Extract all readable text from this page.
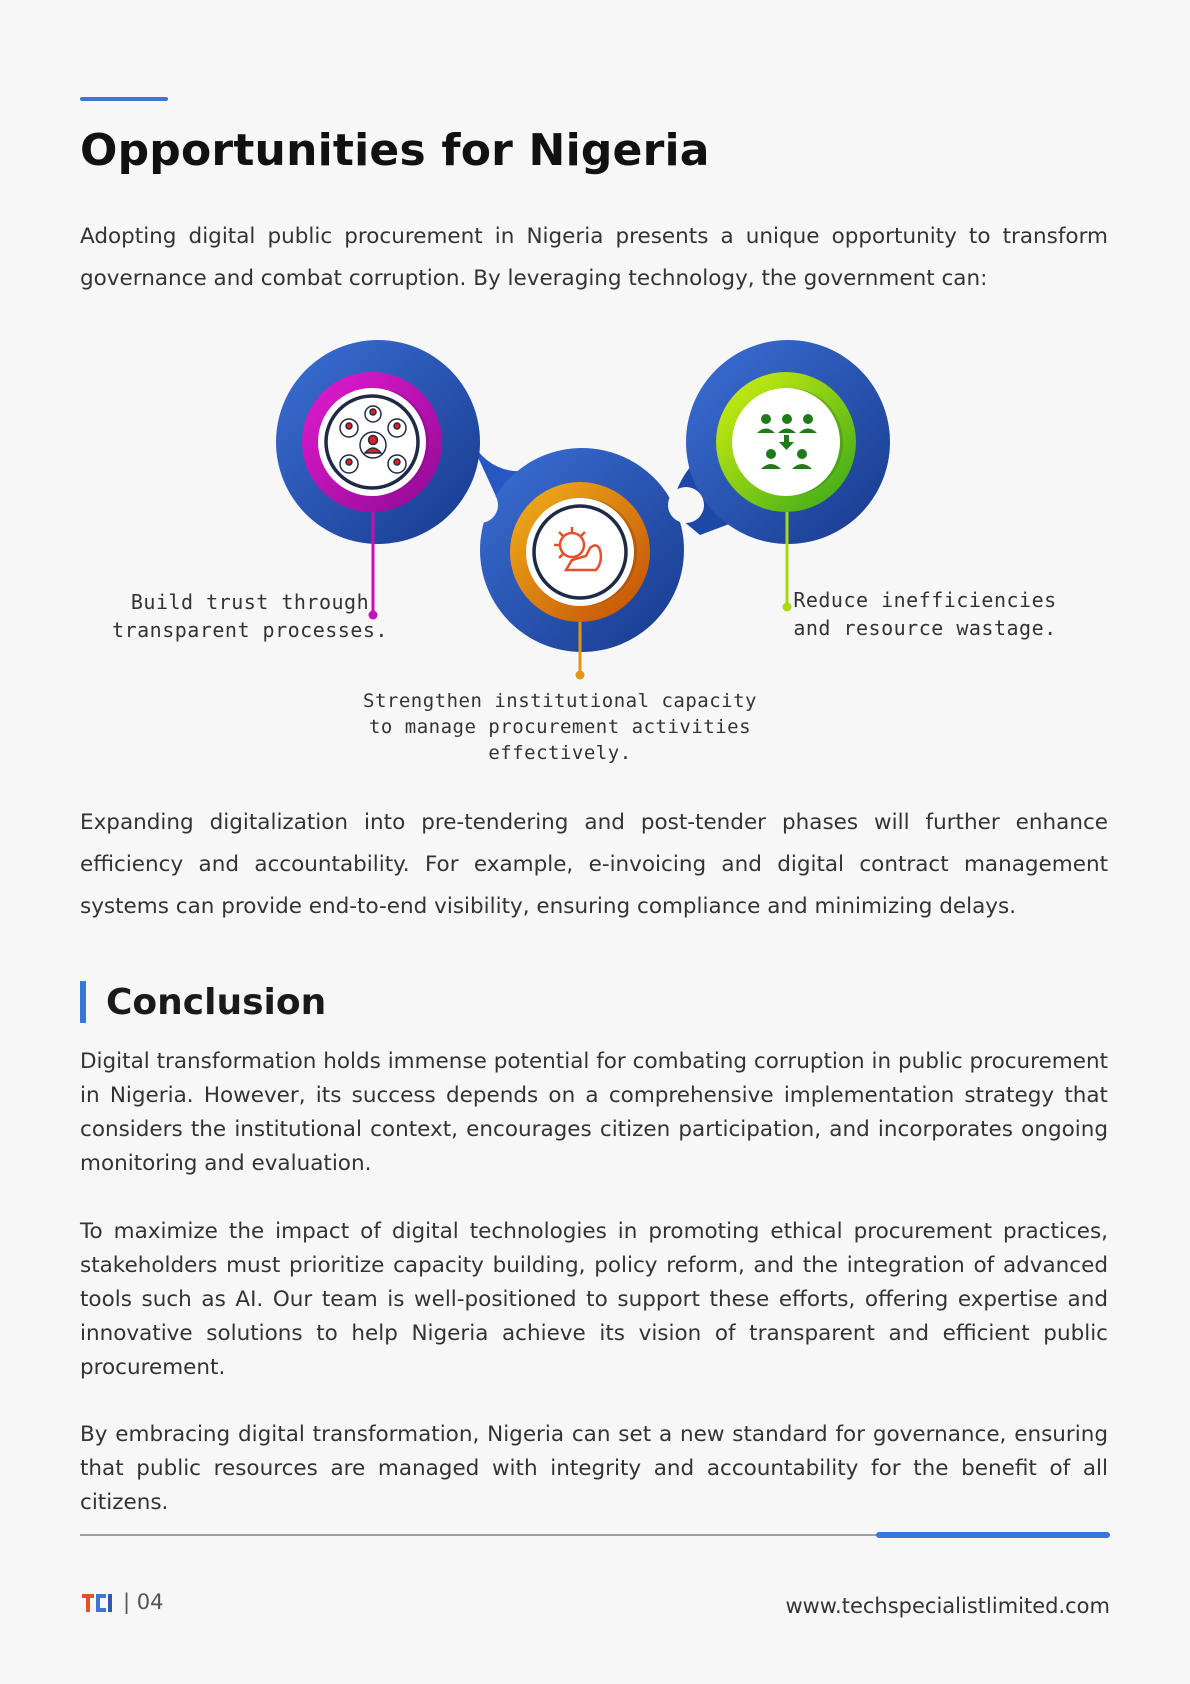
Opportunities for Nigeria

Adopting digital public procurement in Nigeria presents a unique opportunity to transform governance and combat corruption. By leveraging technology, the government can:

Build trust through transparent processes.
Strengthen institutional capacity to manage procurement activities effectively.
Reduce inefficiencies and resource wastage.

Expanding digitalization into pre-tendering and post-tender phases will further enhance efficiency and accountability. For example, e-invoicing and digital contract management systems can provide end-to-end visibility, ensuring compliance and minimizing delays.

Conclusion

Digital transformation holds immense potential for combating corruption in public procurement in Nigeria. However, its success depends on a comprehensive implementation strategy that considers the institutional context, encourages citizen participation, and incorporates ongoing monitoring and evaluation.

To maximize the impact of digital technologies in promoting ethical procurement practices, stakeholders must prioritize capacity building, policy reform, and the integration of advanced tools such as AI. Our team is well-positioned to support these efforts, offering expertise and innovative solutions to help Nigeria achieve its vision of transparent and efficient public procurement.

By embracing digital transformation, Nigeria can set a new standard for governance, ensuring that public resources are managed with integrity and accountability for the benefit of all citizens.

| 04	www.techspecialistlimited.com
